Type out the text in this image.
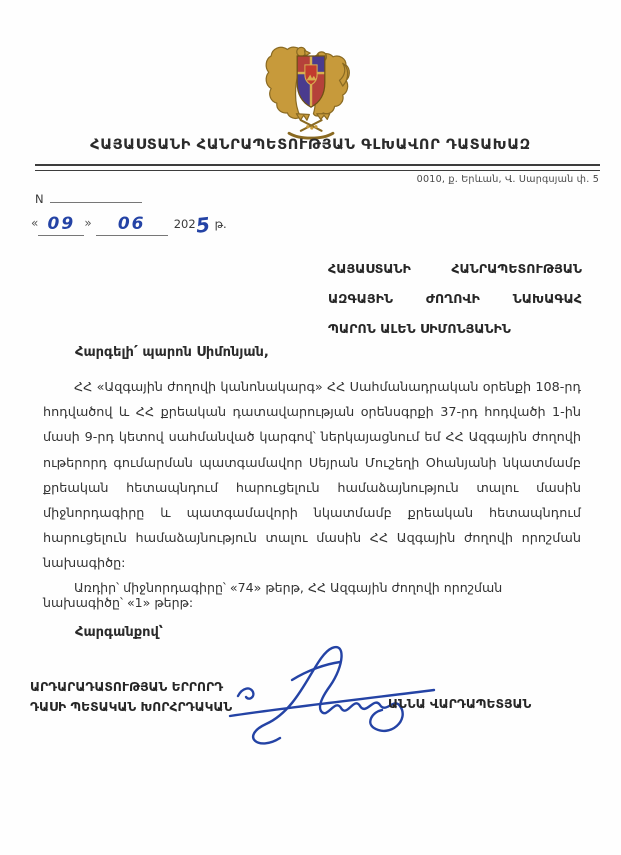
ՀԱՅԱՍՏԱՆԻ ՀԱՆՐԱՊԵՏՈՒԹՅԱՆ ԳԼԽԱՎՈՐ ԴԱՏԱԽԱԶ
0010, ք. Երևան, Վ. Սարգսյան փ. 5
N
« 09 » 06 2025 թ.
ՀԱՅԱՍՏԱՆԻ ՀԱՆՐԱՊԵՏՈՒԹՅԱՆ
ԱԶԳԱՅԻՆ ԺՈՂՈՎԻ ՆԱԽԱԳԱՀ
ՊԱՐՈՆ ԱԼԵՆ ՍԻՄՈՆՅԱՆԻՆ
Հարգելի՛ պարոն Սիմոնյան,
ՀՀ «Ազգային ժողովի կանոնակարգ» ՀՀ Սահմանադրական օրենքի 108-րդ հոդվածով և ՀՀ քրեական դատավարության օրենսգրքի 37-րդ հոդվածի 1-ին մասի 9-րդ կետով սահմանված կարգով՝ ներկայացնում եմ ՀՀ Ազգային ժողովի ութերորդ գումարման պատգամավոր Սեյրան Մուշեղի Օհանյանի նկատմամբ քրեական հետապնդում հարուցելուն համաձայնություն տալու մասին միջնորդագիրը և պատգամավորի նկատմամբ քրեական հետապնդում հարուցելուն համաձայնություն տալու մասին ՀՀ Ազգային ժողովի որոշման նախագիծը:
Առդիր՝ միջնորդագիրը՝ «74» թերթ, ՀՀ Ազգային ժողովի որոշման նախագիծը՝ «1» թերթ:
Հարգանքով՝
ԱՐԴԱՐԱԴԱՏՈՒԹՅԱՆ ԵՐՐՈՐԴ
ԴԱՍԻ ՊԵՏԱԿԱՆ ԽՈՐՀՐԴԱԿԱՆ	ԱՆՆԱ ՎԱՐԴԱՊԵՏՅԱՆ
